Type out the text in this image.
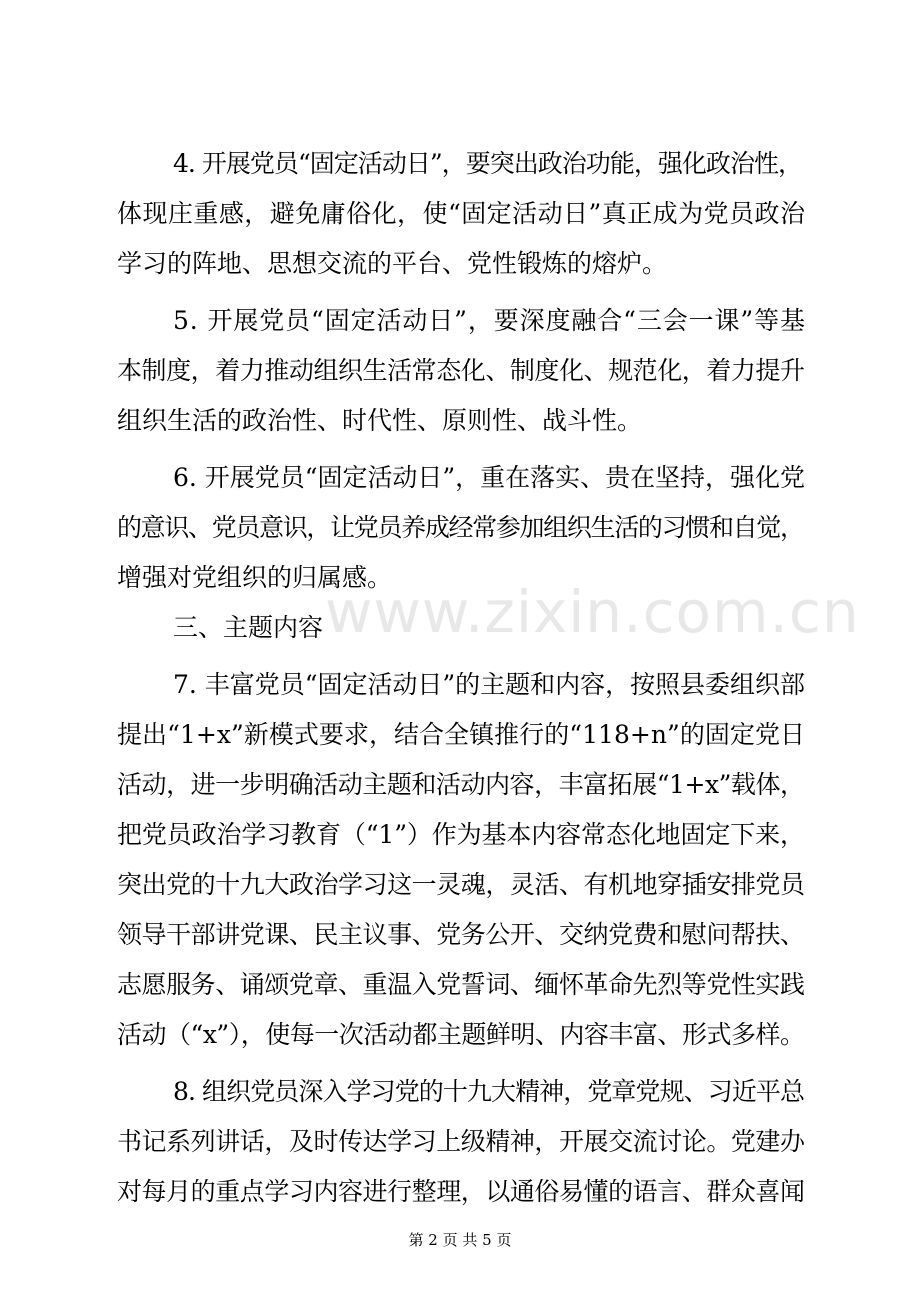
4. 开展党员“固定活动日”，要突出政治功能，强化政治性，
体现庄重感，避免庸俗化，使“固定活动日”真正成为党员政治
学习的阵地、思想交流的平台、党性锻炼的熔炉。
5. 开展党员“固定活动日”，要深度融合“三会一课”等基
本制度，着力推动组织生活常态化、制度化、规范化，着力提升
组织生活的政治性、时代性、原则性、战斗性。
6. 开展党员“固定活动日”，重在落实、贵在坚持，强化党
的意识、党员意识，让党员养成经常参加组织生活的习惯和自觉，
增强对党组织的归属感。
三、主题内容
7. 丰富党员“固定活动日”的主题和内容，按照县委组织部
提出“1+x”新模式要求，结合全镇推行的“118+n”的固定党日
活动，进一步明确活动主题和活动内容，丰富拓展“1+x”载体，
把党员政治学习教育（“1”）作为基本内容常态化地固定下来，
突出党的十九大政治学习这一灵魂，灵活、有机地穿插安排党员
领导干部讲党课、民主议事、党务公开、交纳党费和慰问帮扶、
志愿服务、诵颂党章、重温入党誓词、缅怀革命先烈等党性实践
活动（“x”），使每一次活动都主题鲜明、内容丰富、形式多样。
8. 组织党员深入学习党的十九大精神，党章党规、习近平总
书记系列讲话，及时传达学习上级精神，开展交流讨论。党建办
对每月的重点学习内容进行整理，以通俗易懂的语言、群众喜闻
www.zixin.com.cn
第 2 页 共 5 页
